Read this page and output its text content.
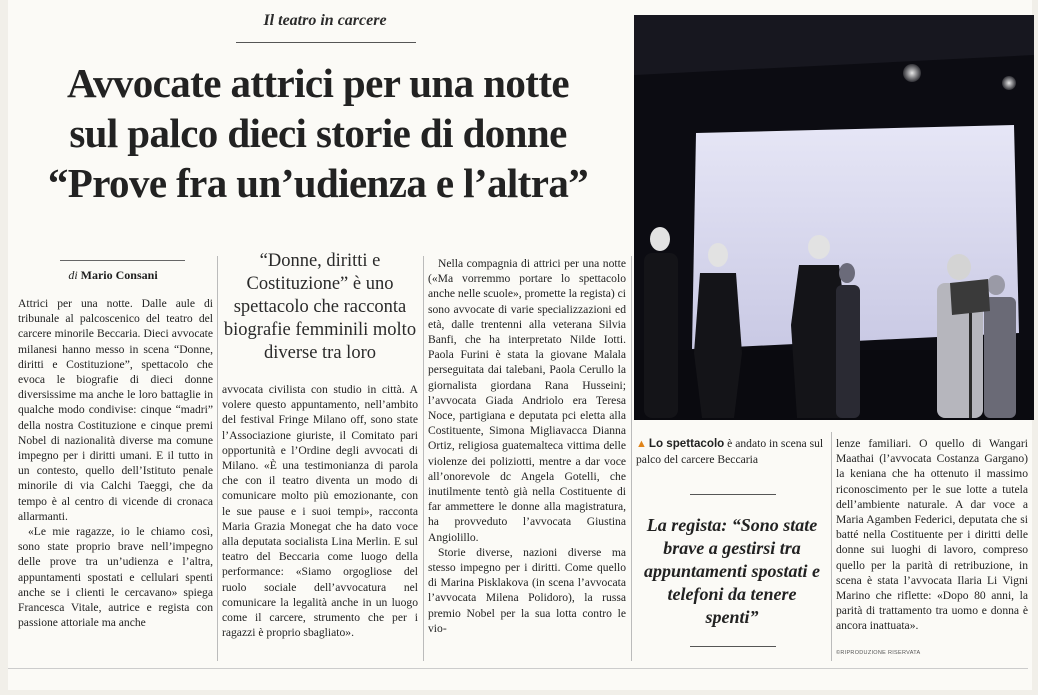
Il teatro in carcere
Avvocate attrici per una notte
sul palco dieci storie di donne
“Prove fra un’udienza e l’altra”
di Mario Consani

Attrici per una notte. Dalle aule di tribunale al palcoscenico del teatro del carcere minorile Beccaria. Dieci avvocate milanesi hanno messo in scena “Donne, diritti e Costituzione”, spettacolo che evoca le biografie di dieci donne diversissime ma anche le loro battaglie in qualche modo condivise: cinque “madri” della nostra Costituzione e cinque premi Nobel di nazionalità diverse ma comune impegno per i diritti umani. E il tutto in un contesto, quello dell’Istituto penale minorile di via Calchi Taeggi, che da tempo è al centro di vicende di cronaca allarmanti.

«Le mie ragazze, io le chiamo così, sono state proprio brave nell’impegno delle prove tra un’udienza e l’altra, appuntamenti spostati e cellulari spenti anche se i clienti le cercavano» spiega Francesca Vitale, autrice e regista con passione attoriale ma anche

“Donne, diritti e Costituzione” è uno spettacolo che racconta biografie femminili molto diverse tra loro

avvocata civilista con studio in città. A volere questo appuntamento, nell’ambito del festival Fringe Milano off, sono state l’Associazione giuriste, il Comitato pari opportunità e l’Ordine degli avvocati di Milano. «È una testimonianza di parola che con il teatro diventa un modo di comunicare molto più emozionante, con le sue pause e i suoi tempi», racconta Maria Grazia Monegat che ha dato voce alla deputata socialista Lina Merlin. E sul teatro del Beccaria come luogo della performance: «Siamo orgogliose del ruolo sociale dell’avvocatura nel comunicare la legalità anche in un luogo come il carcere, strumento che per i ragazzi è proprio sbagliato».

Nella compagnia di attrici per una notte («Ma vorremmo portare lo spettacolo anche nelle scuole», promette la regista) ci sono avvocate di varie specializzazioni ed età, dalle trentenni alla veterana Silvia Banfi, che ha interpretato Nilde Iotti. Paola Furini è stata la giovane Malala perseguitata dai talebani, Paola Cerullo la giornalista giordana Rana Husseini; l’avvocata Giada Andriolo era Teresa Noce, partigiana e deputata pci eletta alla Costituente, Simona Migliavacca Dianna Ortiz, religiosa guatemalteca vittima delle violenze dei poliziotti, mentre a dar voce all’onorevole dc Angela Gotelli, che inutilmente tentò già nella Costituente di far ammettere le donne alla magistratura, ha provveduto l’avvocata Giustina Angiolillo.

Storie diverse, nazioni diverse ma stesso impegno per i diritti. Come quello di Marina Pisklakova (in scena l’avvocata l’avvocata Milena Polidoro), la russa premio Nobel per la sua lotta contro le vio-

▲ Lo spettacolo è andato in scena sul palco del carcere Beccaria
La regista: “Sono state brave a gestirsi tra appuntamenti spostati e telefoni da tenere spenti”

lenze familiari. O quello di Wangari Maathai (l’avvocata Costanza Gargano) la keniana che ha ottenuto il massimo riconoscimento per le sue lotte a tutela dell’ambiente naturale. A dar voce a Maria Agamben Federici, deputata che si batté nella Costituente per i diritti delle donne sui luoghi di lavoro, compreso quello per la parità di retribuzione, in scena è stata l’avvocata Ilaria Li Vigni Marino che riflette: «Dopo 80 anni, la parità di trattamento tra uomo e donna è ancora inattuata».

©RIPRODUZIONE RISERVATA
